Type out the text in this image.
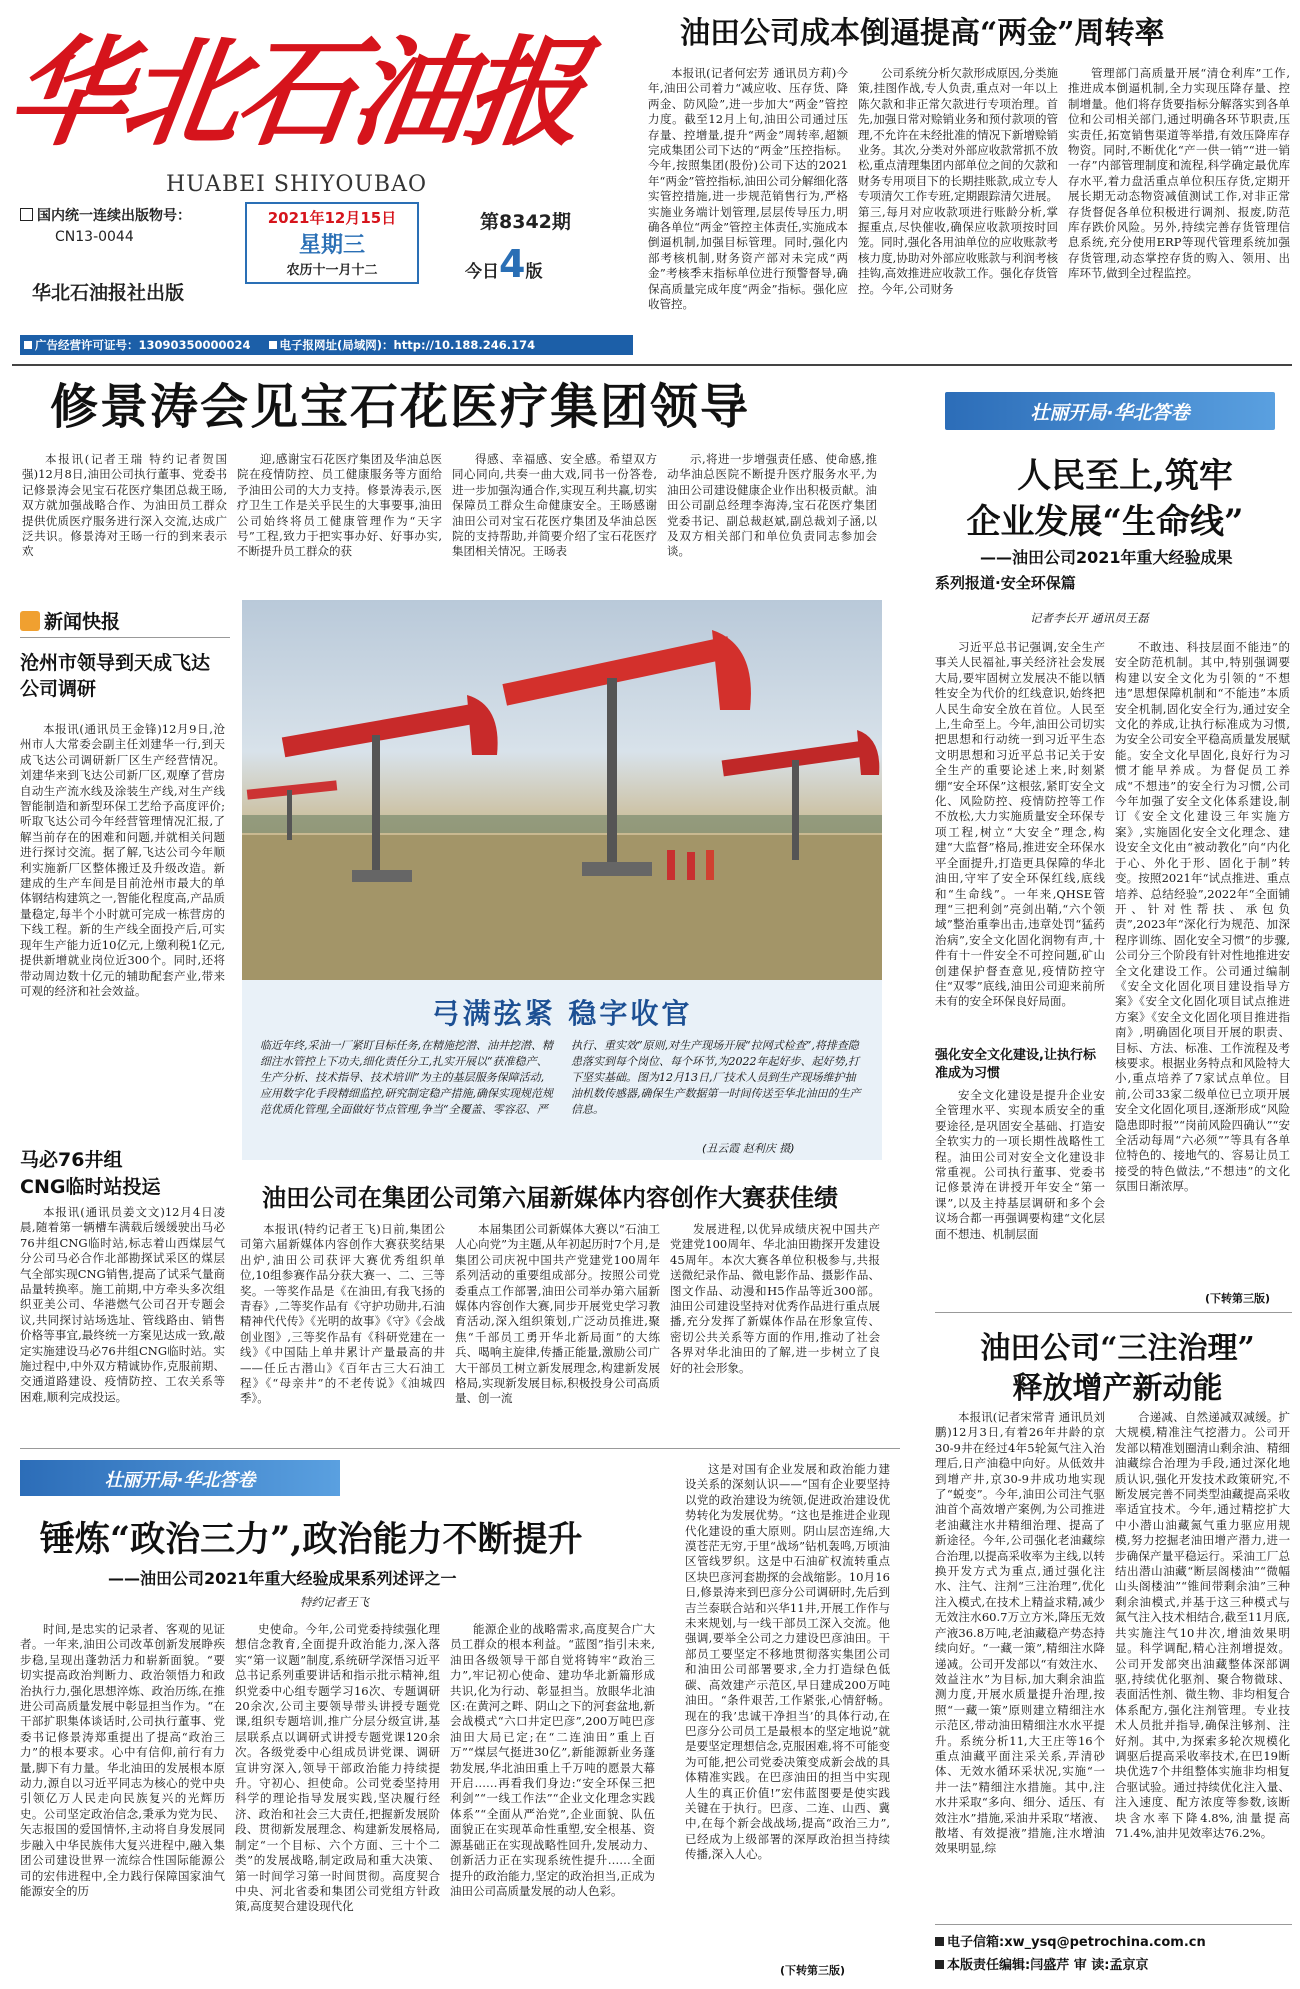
华北石油报
HUABEI SHIYOUBAO
国内统一连续出版物号：
CN13-0044
华北石油报社出版
2021年12月15日
星期三
农历十一月十二
第8342期
今日4版
广告经营许可证号：13090350000024	电子报网址(局域网)：http://10.188.246.174
油田公司成本倒逼提高“两金”周转率

本报讯(记者何宏芳 通讯员方莉)今年,油田公司着力“减应收、压存货、降两金、防风险”,进一步加大“两金”管控力度。截至12月上旬,油田公司通过压存量、控增量,提升“两金”周转率,超额完成集团公司下达的“两金”压控指标。今年,按照集团(股份)公司下达的2021年“两金”管控指标,油田公司分解细化落实管控措施,进一步规范销售行为,严格实施业务端计划管理,层层传导压力,明确各单位“两金”管控主体责任,实施成本倒逼机制,加强目标管理。同时,强化内部考核机制,财务资产部对未完成“两金”考核季末指标单位进行预警督导,确保高质量完成年度“两金”指标。强化应收管控。

公司系统分析欠款形成原因,分类施策,挂图作战,专人负责,重点对一年以上陈欠款和非正常欠款进行专项治理。首先,加强日常对赊销业务和预付款项的管理,不允许在未经批准的情况下新增赊销业务。其次,分类对外部应收款常抓不放松,重点清理集团内部单位之间的欠款和财务专用项目下的长期挂账款,成立专人专项清欠工作专班,定期跟踪清欠进展。第三,每月对应收款项进行账龄分析,掌握重点,尽快催收,确保应收款项按时回笼。同时,强化各用油单位的应收账款考核力度,协助对外部应收账款与利润考核挂钩,高效推进应收款工作。强化存货管控。今年,公司财务

管理部门高质量开展“清仓利库”工作,推进成本倒逼机制,全力实现压降存量、控制增量。他们将存货要指标分解落实到各单位和公司相关部门,通过明确各环节职责,压实责任,拓宽销售渠道等举措,有效压降库存物资。同时,不断优化“产一供一销”“进一销一存”内部管理制度和流程,科学确定最优库存水平,着力盘活重点单位积压存货,定期开展长期无动态物资减值测试工作,对非正常存货督促各单位积极进行调剂、报废,防范库存跌价风险。另外,持续完善存货管理信息系统,充分使用ERP等现代管理系统加强存货管理,动态掌控存货的购入、领用、出库环节,做到全过程监控。

修景涛会见宝石花医疗集团领导

本报讯(记者王瑞 特约记者贺国强)12月8日,油田公司执行董事、党委书记修景涛会见宝石花医疗集团总裁王旸,双方就加强战略合作、为油田员工群众提供优质医疗服务进行深入交流,达成广泛共识。修景涛对王旸一行的到来表示欢

迎,感谢宝石花医疗集团及华油总医院在疫情防控、员工健康服务等方面给予油田公司的大力支持。修景涛表示,医疗卫生工作是关乎民生的大事要事,油田公司始终将员工健康管理作为“天字号”工程,致力于把实事办好、好事办实,不断提升员工群众的获

得感、幸福感、安全感。希望双方同心同向,共奏一曲大戏,同书一份答卷,进一步加强沟通合作,实现互利共赢,切实保障员工群众生命健康安全。王旸感谢油田公司对宝石花医疗集团及华油总医院的支持帮助,并简要介绍了宝石花医疗集团相关情况。王旸表

示,将进一步增强责任感、使命感,推动华油总医院不断提升医疗服务水平,为油田公司建设健康企业作出积极贡献。油田公司副总经理李海涛,宝石花医疗集团党委书记、副总裁赵斌,副总裁刘子涵,以及双方相关部门和单位负责同志参加会谈。

壮丽开局·华北答卷
人民至上,筑牢
企业发展“生命线”
——油田公司2021年重大经验成果
系列报道·安全环保篇
记者李长开 通讯员王磊

习近平总书记强调,安全生产事关人民福祉,事关经济社会发展大局,要牢固树立发展决不能以牺牲安全为代价的红线意识,始终把人民生命安全放在首位。人民至上,生命至上。今年,油田公司切实把思想和行动统一到习近平生态文明思想和习近平总书记关于安全生产的重要论述上来,时刻紧绷“安全环保”这根弦,紧盯安全文化、风险防控、疫情防控等工作不放松,大力实施质量安全环保专项工程,树立“大安全”理念,构建“大监督”格局,推进安全环保水平全面提升,打造更具保障的华北油田,守牢了安全环保红线,底线和“生命线”。一年来,QHSE管理“三把利剑”亮剑出鞘,“六个领域”整治重拳出击,违章处罚“猛药治病”,安全文化固化润物有声,十件有十一件安全不可控问题,矿山创建保护督查意见,疫情防控守住“双零”底线,油田公司迎来前所未有的安全环保良好局面。

强化安全文化建设,让执行标准成为习惯

安全文化建设是提升企业安全管理水平、实现本质安全的重要途径,是巩固安全基础、打造安全软实力的一项长期性战略性工程。油田公司对安全文化建设非常重视。公司执行董事、党委书记修景涛在讲授开年安全“第一课”,以及主持基层调研和多个会议场合都一再强调要构建“文化层面不想违、机制层面

不敢违、科技层面不能违”的安全防范机制。其中,特别强调要构建以安全文化为引领的“不想违”思想保障机制和“不能违”本质安全机制,固化安全行为,通过安全文化的养成,让执行标准成为习惯,为安全公司安全平稳高质量发展赋能。安全文化早固化,良好行为习惯才能早养成。为督促员工养成“不想违”的安全行为习惯,公司今年加强了安全文化体系建设,制订《安全文化建设三年实施方案》,实施固化安全文化理念、建设安全文化由“被动教化”向“内化于心、外化于形、固化于制”转变。按照2021年“试点推进、重点培养、总结经验”,2022年“全面铺开、针对性帮扶、承包负责”,2023年“深化行为规范、加深程序训练、固化安全习惯”的步骤,公司分三个阶段有针对性地推进安全文化建设工作。公司通过编制《安全文化固化项目建设指导方案》《安全文化固化项目试点推进方案》《安全文化固化项目推进指南》,明确固化项目开展的职责、目标、方法、标准、工作流程及考核要求。根据业务特点和风险特大小,重点培养了7家试点单位。目前,公司33家二级单位已立项开展安全文化固化项目,逐渐形成“风险隐患即时报”“岗前风险四确认”“安全活动每周“六必须””等具有各单位特色的、接地气的、容易让员工接受的特色做法,“不想违”的文化氛围日渐浓厚。

(下转第三版)
油田公司“三注治理”
释放增产新动能

本报讯(记者宋常青 通讯员刘鹏)12月3日,有着26年井龄的京30-9井在经过4年5轮氮气注入治理后,日产油稳中向好。从低效井到增产井,京30-9井成功地实现了“蜕变”。今年,油田公司注气驱油首个高效增产案例,为公司推进老油藏注水井精细治理、提高了新途径。今年,公司强化老油藏综合治理,以提高采收率为主线,以转换开发方式为重点,通过强化注水、注气、注剂“三注治理”,优化注入模式,在技术上精益求精,减少无效注水60.7万立方米,降压无效产液36.8万吨,老油藏稳产势态持续向好。“一藏一策”,精细注水降递减。公司开发部以“有效注水、效益注水”为目标,加大剩余油监测力度,开展水质量提升治理,按照“一藏一策”原则建立精细注水示范区,带动油田精细注水水平提升。系统分析11,大王庄等16个重点油藏平面注采关系,弄清砂体、无效水循环采状况,实施“一井一法”精细注水措施。其中,注水井采取“多向、细分、适压、有效注水”措施,采油井采取“堵液、散堵、有效提液”措施,注水增油效果明显,综

合递减、自然递减双减缓。扩大规模,精准注气挖潜力。公司开发部以精准划圈清山剩余油、精细油藏综合治理为手段,通过深化地质认识,强化开发技术政策研究,不断发展完善不同类型油藏提高采收率适宜技术。今年,通过精挖扩大中小潜山油藏氮气重力驱应用规模,努力挖掘老油田增产潜力,进一步确保产量平稳运行。采油工厂总结出潜山油藏“断层阁楼油”“微幅山头阁楼油”“锥间带剩余油”三种剩余油模式,并基于这三种模式与氮气注入技术相结合,截至11月底,共实施注气10井次,增油效果明显。科学调配,精心注剂增提效。公司开发部突出油藏整体深部调驱,持续优化驱剂、聚合物微球、表面活性剂、微生物、非均相复合体系配方,强化注剂管理。专业技术人员批并指导,确保注够剂、注好剂。其中,为探索多轮次规模化调驱后提高采收率技术,在巴19断块优选7个井组整体实施非均相复合驱试验。通过持续优化注入量、注入速度、配方浓度等参数,该断块含水率下降4.8%,油量提高71.4%,油井见效率达76.2%。

新闻快报
沧州市领导到天成飞达公司调研

本报讯(通讯员王金锋)12月9日,沧州市人大常委会副主任刘建华一行,到天成飞达公司调研新厂区生产经营情况。刘建华来到飞达公司新厂区,观摩了营房自动生产流水线及涂装生产线,对生产线智能制造和新型环保工艺给予高度评价;听取飞达公司今年经营管理情况汇报,了解当前存在的困难和问题,并就相关问题进行探讨交流。据了解,飞达公司今年顺利实施新厂区整体搬迁及升级改造。新建成的生产车间是目前沧州市最大的单体钢结构建筑之一,智能化程度高,产品质量稳定,每半个小时就可完成一栋营房的下线工程。新的生产线全面投产后,可实现年生产能力近10亿元,上缴利税1亿元,提供新增就业岗位近300个。同时,还将带动周边数十亿元的辅助配套产业,带来可观的经济和社会效益。

马必76井组
CNG临时站投运

本报讯(通讯员姜文文)12月4日凌晨,随着第一辆槽车满载后缓缓驶出马必76井组CNG临时站,标志着山西煤层气分公司马必合作北部勘探试采区的煤层气全部实现CNG销售,提高了试采气量商品量转换率。施工前期,中方牵头多次组织亚美公司、华港燃气公司召开专题会议,共同探讨站场选址、管线路由、销售价格等事宜,最终统一方案见达成一致,敲定实施建设马必76井组CNG临时站。实施过程中,中外双方精诚协作,克服前期、交通道路建设、疫情防控、工农关系等困难,顺利完成投运。

弓满弦紧 稳字收官
临近年终,采油一厂紧盯目标任务,在精施挖潜、油井挖潜、精细注水管控上下功夫,细化责任分工,扎实开展以“获准稳产、生产分析、技术指导、技术培训”为主的基层服务保障活动,应用数字化手段精细监控,研究制定稳产措施,确保实现规范规范优质化管理,全面做好节点管理,争当“全覆盖、零容忍、严执行、重实效”原则,对生产现场开展“拉网式检查”,将排查隐患落实到每个岗位、每个环节,为2022年起好步、起好势,打下坚实基础。图为12月13日,厂技术人员到生产现场维护抽油机数传感器,确保生产数据第一时间传送至华北油田的生产信息。
(丑云霞 赵利庆 摄)
油田公司在集团公司第六届新媒体内容创作大赛获佳绩

本报讯(特约记者王飞)日前,集团公司第六届新媒体内容创作大赛获奖结果出炉,油田公司获评大赛优秀组织单位,10组参赛作品分获大赛一、二、三等奖。一等奖作品是《在油田,有我飞扬的青春》,二等奖作品有《守护功勋井,石油精神代代传》《光明的故事》《守》《会战创业图》,三等奖作品有《科研党建在一线》《中国陆上单井累计产量最高的井——任丘古潜山》《百年古三大石油工程》《“母亲井”的不老传说》《油城四季》。

本届集团公司新媒体大赛以“石油工人心向党”为主题,从年初起历时7个月,是集团公司庆祝中国共产党建党100周年系列活动的重要组成部分。按照公司党委重点工作部署,油田公司举办第六届新媒体内容创作大赛,同步开展党史学习教育活动,深入组织策划,广泛动员推进,聚焦“千部员工勇开华北新局面”的大练兵、喝响主旋律,传播正能量,激励公司广大干部员工树立新发展理念,构建新发展格局,实现新发展目标,积极投身公司高质量、创一流

发展进程,以优异成绩庆祝中国共产党建党100周年、华北油田勘探开发建设45周年。本次大赛各单位积极参与,共报送微纪录作品、微电影作品、摄影作品、图文作品、动漫和H5作品等近300部。油田公司建设坚持对优秀作品进行重点展播,充分发挥了新媒体作品在形象宣传、密切公共关系等方面的作用,推动了社会各界对华北油田的了解,进一步树立了良好的社会形象。

壮丽开局·华北答卷
锤炼“政治三力”,政治能力不断提升
——油田公司2021年重大经验成果系列述评之一
特约记者王飞

时间,是忠实的记录者、客观的见证者。一年来,油田公司改革创新发展睁疾步稳,呈现出蓬勃活力和崭新面貌。“要切实提高政治判断力、政治领悟力和政治执行力,强化思想淬炼、政治历练,在推进公司高质量发展中彰显担当作为。“在干部扩职集体谈话时,公司执行董事、党委书记修景涛郑重提出了提高“政治三力”的根本要求。心中有信仰,前行有力量,脚下有力量。华北油田的发展根本原动力,源自以习近平同志为核心的党中央引领亿万人民走向民族复兴的光辉历史。公司坚定政治信念,秉承为党为民、矢志报国的爱国情怀,主动将自身发展同步融入中华民族伟大复兴进程中,融入集团公司建设世界一流综合性国际能源公司的宏伟进程中,全力践行保障国家油气能源安全的历

史使命。今年,公司党委持续强化理想信念教育,全面提升政治能力,深入落实“第一议题”制度,系统研学深悟习近平总书记系列重要讲话和指示批示精神,组织党委中心组专题学习16次、专题调研20余次,公司主要领导带头讲授专题党课,组织专题培训,推广分层分级宣讲,基层联系点以调研式讲授专题党课120余次。各级党委中心组成员讲党课、调研宣讲穷深入,领导干部政治能力持续提升。守初心、担使命。公司党委坚持用科学的理论指导发展实践,坚决履行经济、政治和社会三大责任,把握新发展阶段、贯彻新发展理念、构建新发展格局,制定“一个目标、六个方面、三十个二类”的发展战略,制定政局和重大决策、第一时间学习第一时间贯彻。高度契合中央、河北省委和集团公司党组方针政策,高度契合建设现代化

能源企业的战略需求,高度契合广大员工群众的根本利益。“蓝图”指引未来,油田各级领导干部自觉将铸牢“政治三力”,牢记初心使命、建功华北新篇形成共识,化为行动、彰显担当。放眼华北油区:在黄河之畔、阴山之下的河套盆地,新会战模式“六口井定巴彦”,200万吨巴彦油田大局已定;在“二连油田”重上百万”“煤层气挺进30亿”,新能源新业务蓬勃发展,华北油田重上千万吨的愿景大幕开启……再看我们身边:“安全环保三把利剑”“一线工作法”“企业文化理念实践体系”“全面从严治党”,企业面貌、队伍面貌正在实现革命性重塑,安全根基、资源基础正在实现战略性回升,发展动力、创新活力正在实现系统性提升……全面提升的政治能力,坚定的政治担当,正成为油田公司高质量发展的动人色彩。

这是对国有企业发展和政治能力建设关系的深刻认识——“国有企业要坚持以党的政治建设为统领,促进政治建设优势转化为发展优势。“这也是推进企业现代化建设的重大原则。阴山层峦连绵,大漠苍茫无穷,于里“战场”钻机轰鸣,万顷油区管线罗织。这是中石油矿权流转重点区块巴彦河套勘探的会战缩影。10月16日,修景涛来到巴彦分公司调研时,先后到吉兰泰联合站和兴华11井,开展工作作与未来规划,与一线干部员工深入交流。他强调,要举全公司之力建设巴彦油田。干部员工要坚定不移地贯彻落实集团公司和油田公司部署要求,全力打造绿色低碳、高效建产示范区,早日建成200万吨油田。“条件艰苦,工作紧张,心情舒畅。现在的我’忠诚干净担当’的具体行动,在巴彦分公司员工是最根本的坚定地说”就是要坚定理想信念,克服困难,将不可能变为可能,把公司党委决策变成新会战的具体精准实践。在巴彦油田的担当中实现人生的真正价值!”宏伟蓝图要是使实践关键在于执行。巴彦、二连、山西、冀中,在每个新会战战场,提高“政治三力”,已经成为上级部署的深厚政治担当持续传播,深入人心。

(下转第三版)
电子信箱:xw_ysq@petrochina.com.cn
本版责任编辑:闫盛芹 审 读:孟京京
